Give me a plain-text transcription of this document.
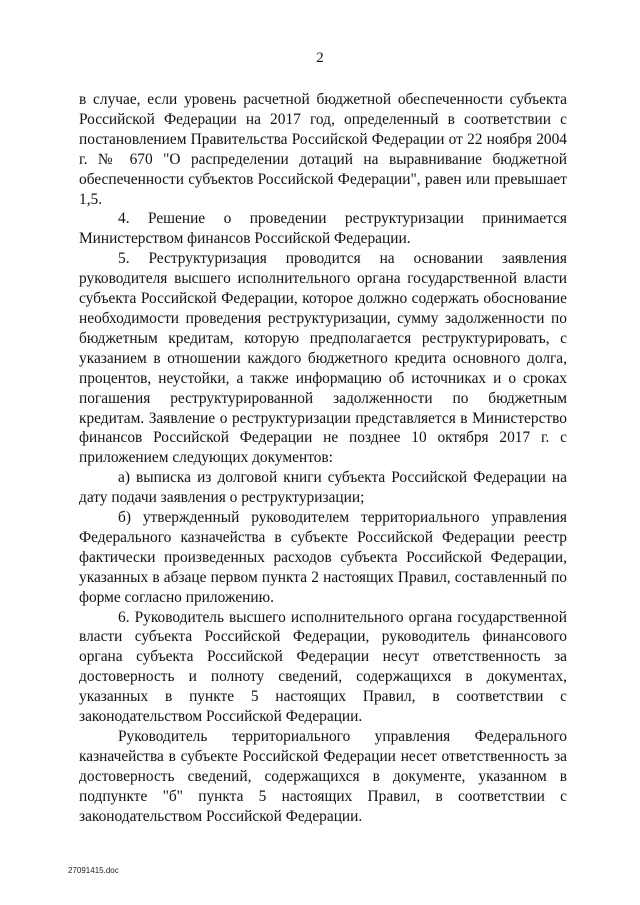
2

в случае, если уровень расчетной бюджетной обеспеченности субъекта Российской Федерации на 2017 год, определенный в соответствии с постановлением Правительства Российской Федерации от 22 ноября 2004 г. № 670 "О распределении дотаций на выравнивание бюджетной обеспеченности субъектов Российской Федерации", равен или превышает 1,5.

4. Решение о проведении реструктуризации принимается Министерством финансов Российской Федерации.

5. Реструктуризация проводится на основании заявления руководителя высшего исполнительного органа государственной власти субъекта Российской Федерации, которое должно содержать обоснование необходимости проведения реструктуризации, сумму задолженности по бюджетным кредитам, которую предполагается реструктурировать, с указанием в отношении каждого бюджетного кредита основного долга, процентов, неустойки, а также информацию об источниках и о сроках погашения реструктурированной задолженности по бюджетным кредитам. Заявление о реструктуризации представляется в Министерство финансов Российской Федерации не позднее 10 октября 2017 г. с приложением следующих документов:

а) выписка из долговой книги субъекта Российской Федерации на дату подачи заявления о реструктуризации;

б) утвержденный руководителем территориального управления Федерального казначейства в субъекте Российской Федерации реестр фактически произведенных расходов субъекта Российской Федерации, указанных в абзаце первом пункта 2 настоящих Правил, составленный по форме согласно приложению.

6. Руководитель высшего исполнительного органа государственной власти субъекта Российской Федерации, руководитель финансового органа субъекта Российской Федерации несут ответственность за достоверность и полноту сведений, содержащихся в документах, указанных в пункте 5 настоящих Правил, в соответствии с законодательством Российской Федерации.

Руководитель территориального управления Федерального казначейства в субъекте Российской Федерации несет ответственность за достоверность сведений, содержащихся в документе, указанном в подпункте "б" пункта 5 настоящих Правил, в соответствии с законодательством Российской Федерации.

27091415.doc
